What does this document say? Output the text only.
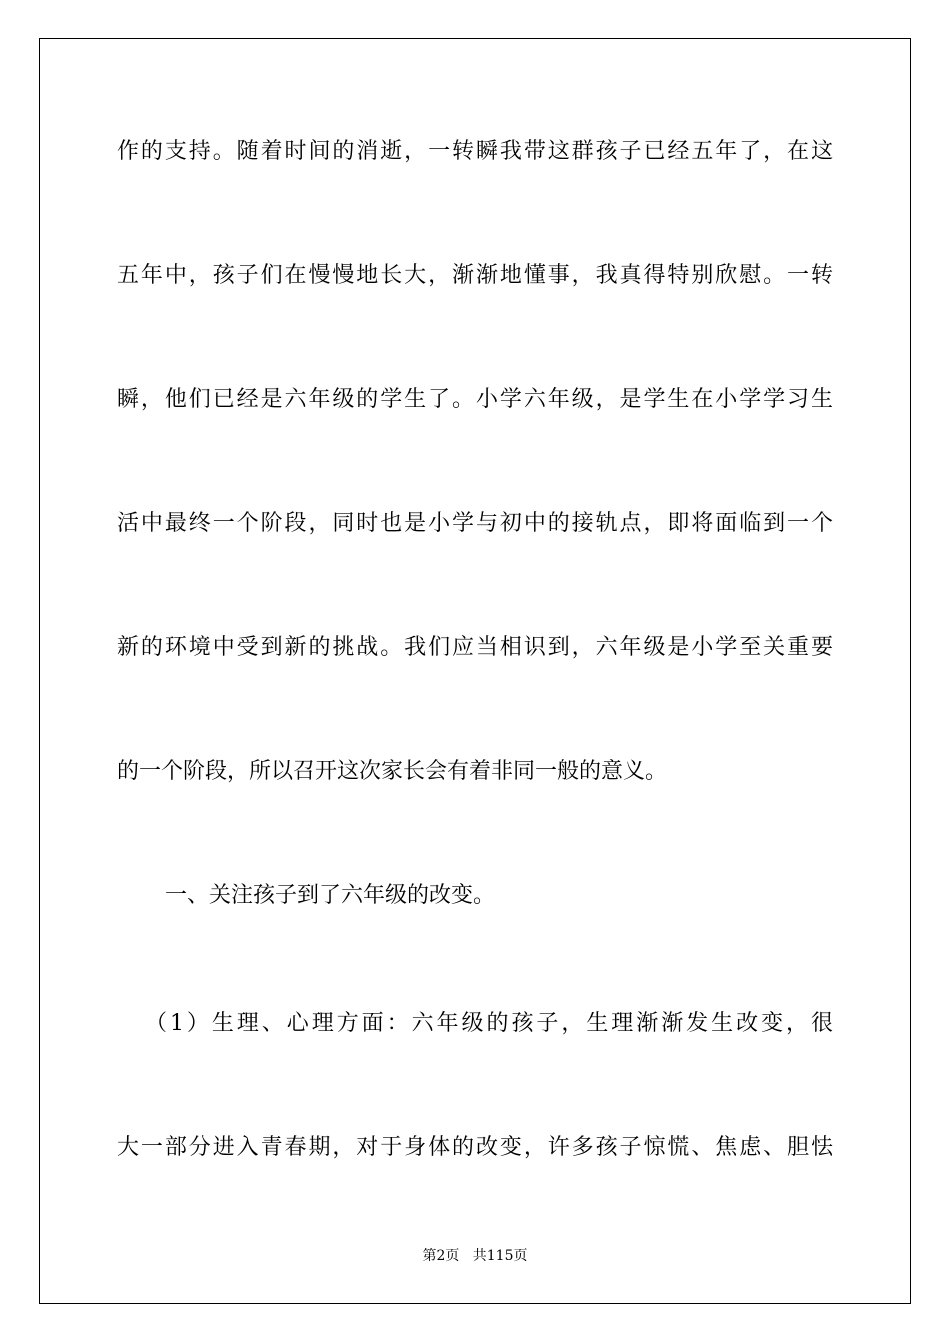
作的支持。随着时间的消逝，一转瞬我带这群孩子已经五年了，在这
五年中，孩子们在慢慢地长大，渐渐地懂事，我真得特别欣慰。一转
瞬，他们已经是六年级的学生了。小学六年级，是学生在小学学习生
活中最终一个阶段，同时也是小学与初中的接轨点，即将面临到一个
新的环境中受到新的挑战。我们应当相识到，六年级是小学至关重要
的一个阶段，所以召开这次家长会有着非同一般的意义。
一、关注孩子到了六年级的改变。
（1）生理、心理方面：六年级的孩子，生理渐渐发生改变，很
大一部分进入青春期，对于身体的改变，许多孩子惊慌、焦虑、胆怯
第2页 共115页
